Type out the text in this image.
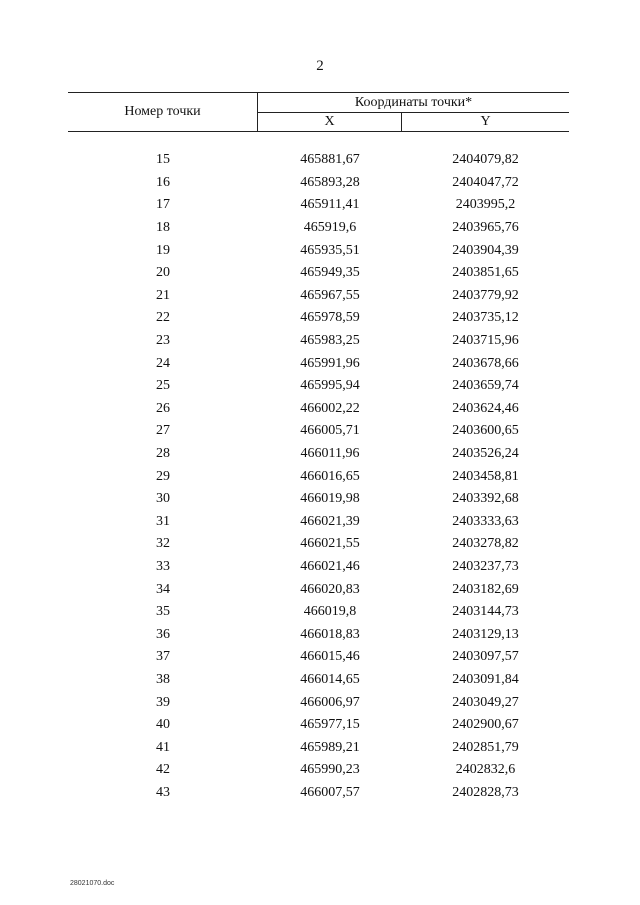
2
Номер точки
Координаты точки*
X	Y
15	465881,67	2404079,82
16	465893,28	2404047,72
17	465911,41	2403995,2
18	465919,6	2403965,76
19	465935,51	2403904,39
20	465949,35	2403851,65
21	465967,55	2403779,92
22	465978,59	2403735,12
23	465983,25	2403715,96
24	465991,96	2403678,66
25	465995,94	2403659,74
26	466002,22	2403624,46
27	466005,71	2403600,65
28	466011,96	2403526,24
29	466016,65	2403458,81
30	466019,98	2403392,68
31	466021,39	2403333,63
32	466021,55	2403278,82
33	466021,46	2403237,73
34	466020,83	2403182,69
35	466019,8	2403144,73
36	466018,83	2403129,13
37	466015,46	2403097,57
38	466014,65	2403091,84
39	466006,97	2403049,27
40	465977,15	2402900,67
41	465989,21	2402851,79
42	465990,23	2402832,6
43	466007,57	2402828,73
28021070.doc
